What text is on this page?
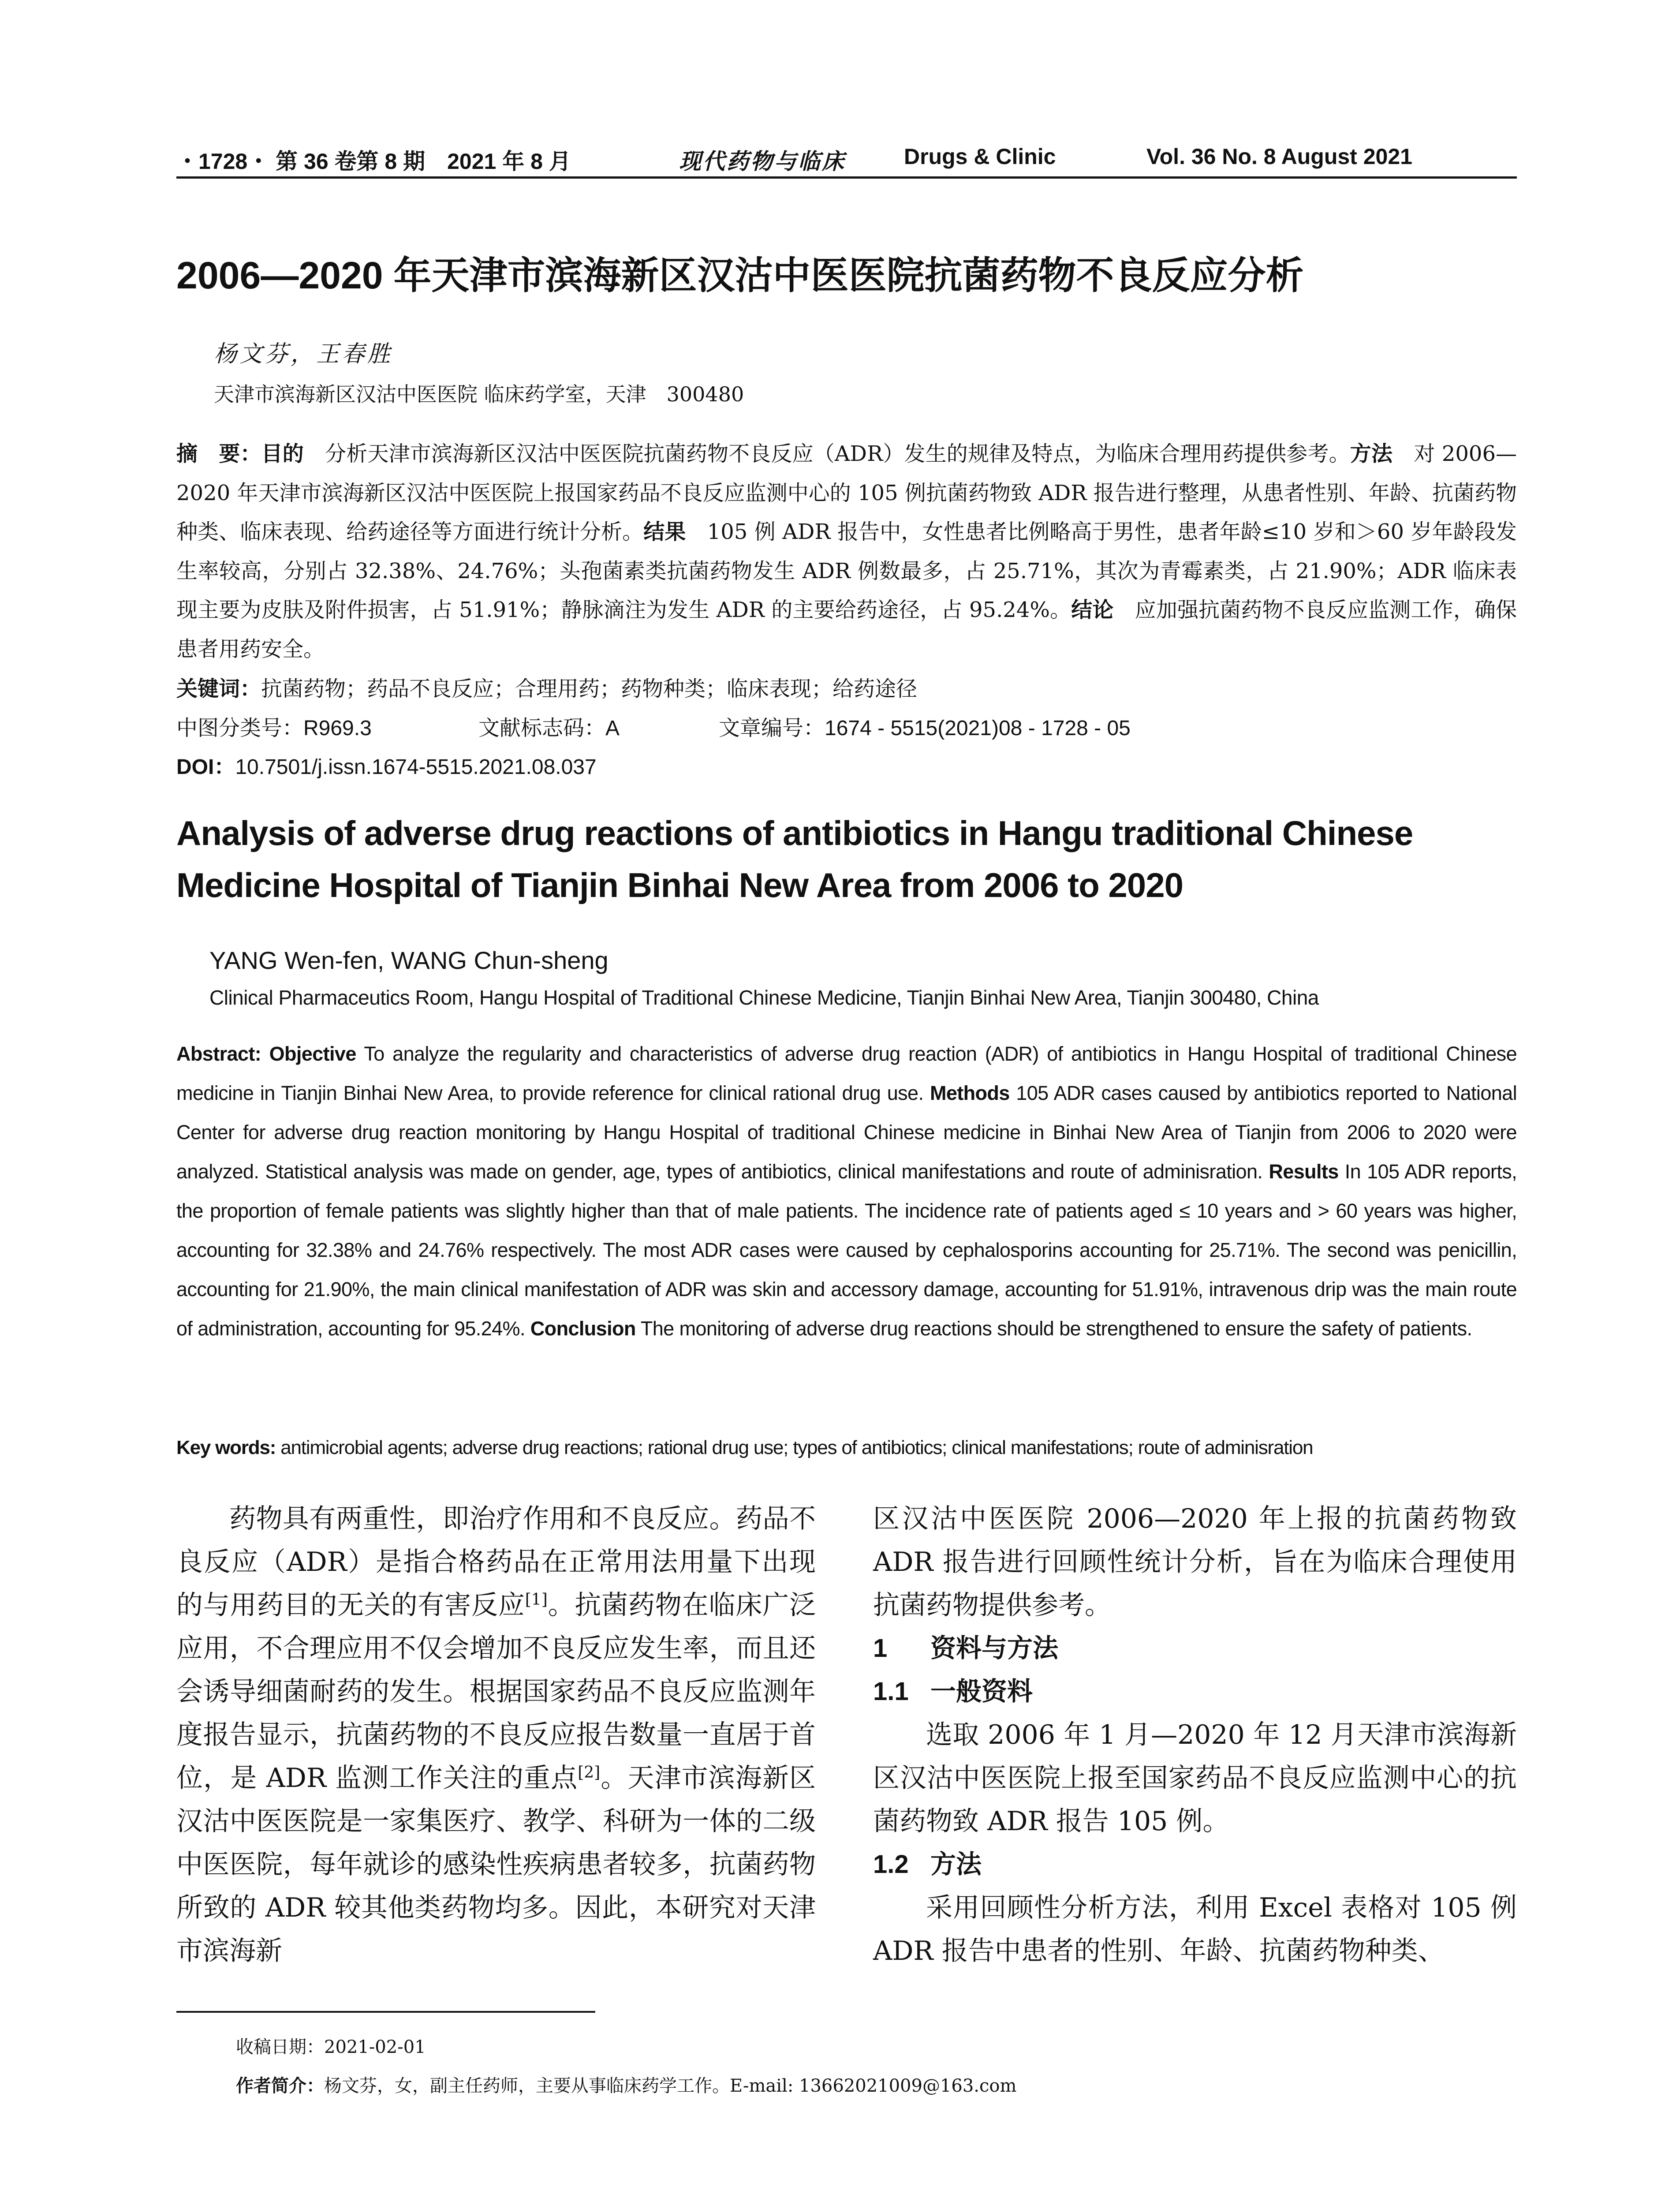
・1728・ 第 36 卷第 8 期　2021 年 8 月	现代药物与临床	Drugs & Clinic	Vol. 36 No. 8 August 2021
2006—2020 年天津市滨海新区汉沽中医医院抗菌药物不良反应分析
杨文芬，王春胜
天津市滨海新区汉沽中医医院 临床药学室，天津　300480
摘　要：目的　分析天津市滨海新区汉沽中医医院抗菌药物不良反应（ADR）发生的规律及特点，为临床合理用药提供参考。方法　对 2006—2020 年天津市滨海新区汉沽中医医院上报国家药品不良反应监测中心的 105 例抗菌药物致 ADR 报告进行整理，从患者性别、年龄、抗菌药物种类、临床表现、给药途径等方面进行统计分析。结果　105 例 ADR 报告中，女性患者比例略高于男性，患者年龄≤10 岁和＞60 岁年龄段发生率较高，分别占 32.38%、24.76%；头孢菌素类抗菌药物发生 ADR 例数最多，占 25.71%，其次为青霉素类，占 21.90%；ADR 临床表现主要为皮肤及附件损害，占 51.91%；静脉滴注为发生 ADR 的主要给药途径，占 95.24%。结论　应加强抗菌药物不良反应监测工作，确保患者用药安全。
关键词：抗菌药物；药品不良反应；合理用药；药物种类；临床表现；给药途径
中图分类号：R969.3	文献标志码：A	文章编号：1674 - 5515(2021)08 - 1728 - 05
DOI：10.7501/j.issn.1674-5515.2021.08.037
Analysis of adverse drug reactions of antibiotics in Hangu traditional Chinese Medicine Hospital of Tianjin Binhai New Area from 2006 to 2020
YANG Wen-fen, WANG Chun-sheng
Clinical Pharmaceutics Room, Hangu Hospital of Traditional Chinese Medicine, Tianjin Binhai New Area, Tianjin 300480, China
Abstract: Objective To analyze the regularity and characteristics of adverse drug reaction (ADR) of antibiotics in Hangu Hospital of traditional Chinese medicine in Tianjin Binhai New Area, to provide reference for clinical rational drug use. Methods 105 ADR cases caused by antibiotics reported to National Center for adverse drug reaction monitoring by Hangu Hospital of traditional Chinese medicine in Binhai New Area of Tianjin from 2006 to 2020 were analyzed. Statistical analysis was made on gender, age, types of antibiotics, clinical manifestations and route of adminisration. Results In 105 ADR reports, the proportion of female patients was slightly higher than that of male patients. The incidence rate of patients aged ≤ 10 years and > 60 years was higher, accounting for 32.38% and 24.76% respectively. The most ADR cases were caused by cephalosporins accounting for 25.71%. The second was penicillin, accounting for 21.90%, the main clinical manifestation of ADR was skin and accessory damage, accounting for 51.91%, intravenous drip was the main route of administration, accounting for 95.24%. Conclusion The monitoring of adverse drug reactions should be strengthened to ensure the safety of patients.
Key words: antimicrobial agents; adverse drug reactions; rational drug use; types of antibiotics; clinical manifestations; route of adminisration
药物具有两重性，即治疗作用和不良反应。药品不良反应（ADR）是指合格药品在正常用法用量下出现的与用药目的无关的有害反应[1]。抗菌药物在临床广泛应用，不合理应用不仅会增加不良反应发生率，而且还会诱导细菌耐药的发生。根据国家药品不良反应监测年度报告显示，抗菌药物的不良反应报告数量一直居于首位，是 ADR 监测工作关注的重点[2]。天津市滨海新区汉沽中医医院是一家集医疗、教学、科研为一体的二级中医医院，每年就诊的感染性疾病患者较多，抗菌药物所致的 ADR 较其他类药物均多。因此，本研究对天津市滨海新
区汉沽中医医院 2006—2020 年上报的抗菌药物致 ADR 报告进行回顾性统计分析，旨在为临床合理使用抗菌药物提供参考。
1 资料与方法
1.1 一般资料
选取 2006 年 1 月—2020 年 12 月天津市滨海新区汉沽中医医院上报至国家药品不良反应监测中心的抗菌药物致 ADR 报告 105 例。
1.2 方法
采用回顾性分析方法，利用 Excel 表格对 105 例 ADR 报告中患者的性别、年龄、抗菌药物种类、
收稿日期：2021-02-01
作者简介：杨文芬，女，副主任药师，主要从事临床药学工作。E-mail: 13662021009@163.com
